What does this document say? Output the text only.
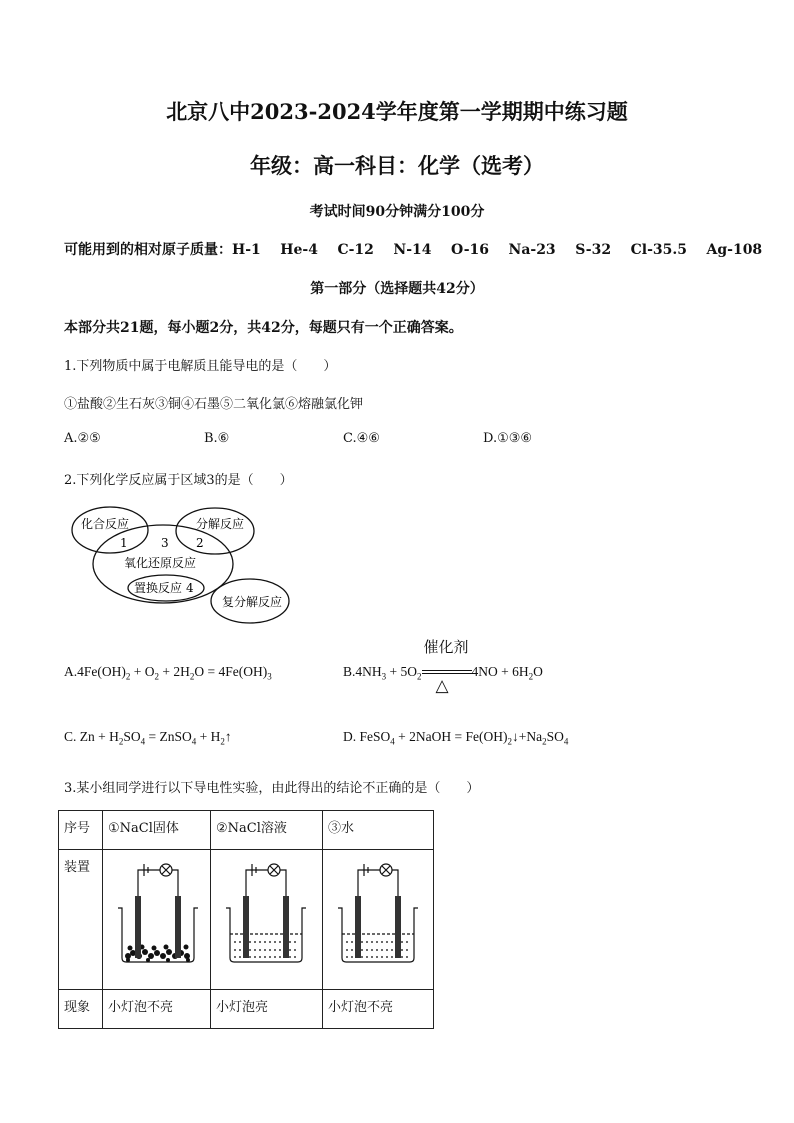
北京八中2023-2024学年度第一学期期中练习题
年级：高一科目：化学（选考）
考试时间90分钟满分100分
可能用到的相对原子质量：H-1 He-4 C-12 N-14 O-16 Na-23 S-32 Cl-35.5 Ag-108
第一部分（选择题共42分）
本部分共21题，每小题2分，共42分，每题只有一个正确答案。
1.下列物质中属于电解质且能导电的是（　　）
①盐酸②生石灰③铜④石墨⑤二氧化氯⑥熔融氯化钾
A.②⑤	B.⑥	C.④⑥	D.①③⑥
2.下列化学反应属于区域3的是（　　）
化合反应	分解反应
1	3 2
氧化还原反应
置换反应 4
复分解反应
$A.4Fe(OH)_2 + O_2 + 2H_2O = 4Fe(OH)_3$	$B.4NH_3 + 5O_2$
催化剂
△
$4NO + 6H_2O$
C. $Zn + H_2SO_4$ = ZnSO$_4$ + $H_2↑$	D. FeSO$_4$ + 2NaOH = $Fe(OH)_2↓+Na_2SO_4$
3.某小组同学进行以下导电性实验，由此得出的结论不正确的是（　　）
序号	①NaCl固体	②NaCl溶液	③水
装置			
现象	小灯泡不亮	小灯泡亮	小灯泡不亮
